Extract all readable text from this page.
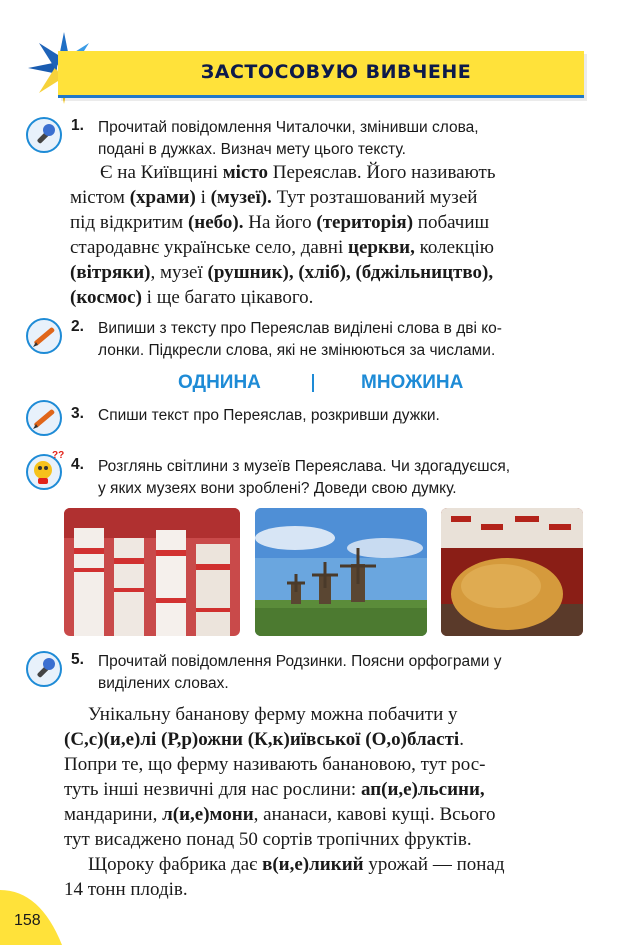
ЗАСТОСОВУЮ ВИВЧЕНЕ
1. Прочитай повідомлення Читалочки, змінивши слова,
подані в дужках. Визнач мету цього тексту.
Є на Київщині місто Переяслав. Його називають
містом (храми) і (музеї). Тут розташований музей
під відкритим (небо). На його (територія) побачиш
стародавнє українське село, давні церкви, колекцію
(вітряки), музеї (рушник), (хліб), (бджільництво),
(космос) і ще багато цікавого.
2. Випиши з тексту про Переяслав виділені слова в дві ко-
лонки. Підкресли слова, які не змінюються за числами.
ОДНИНА	МНОЖИНА
3. Спиши текст про Переяслав, розкривши дужки.
??
4. Розглянь світлини з музеїв Переяслава. Чи здогадуєшся,
у яких музеях вони зроблені? Доведи свою думку.
5. Прочитай повідомлення Родзинки. Поясни орфограми у
виділених словах.
Унікальну бананову ферму можна побачити у
(С,с)(и,е)лі (Р,р)ожни (К,к)иївської (О,о)бласті.
Попри те, що ферму називають банановою, тут рос-
туть інші незвичні для нас рослини: ап(и,е)льсини,
мандарини, л(и,е)мони, ананаси, кавові кущі. Всього
тут висаджено понад 50 сортів тропічних фруктів.
Щороку фабрика дає в(и,е)ликий урожай — понад
14 тонн плодів.
158
